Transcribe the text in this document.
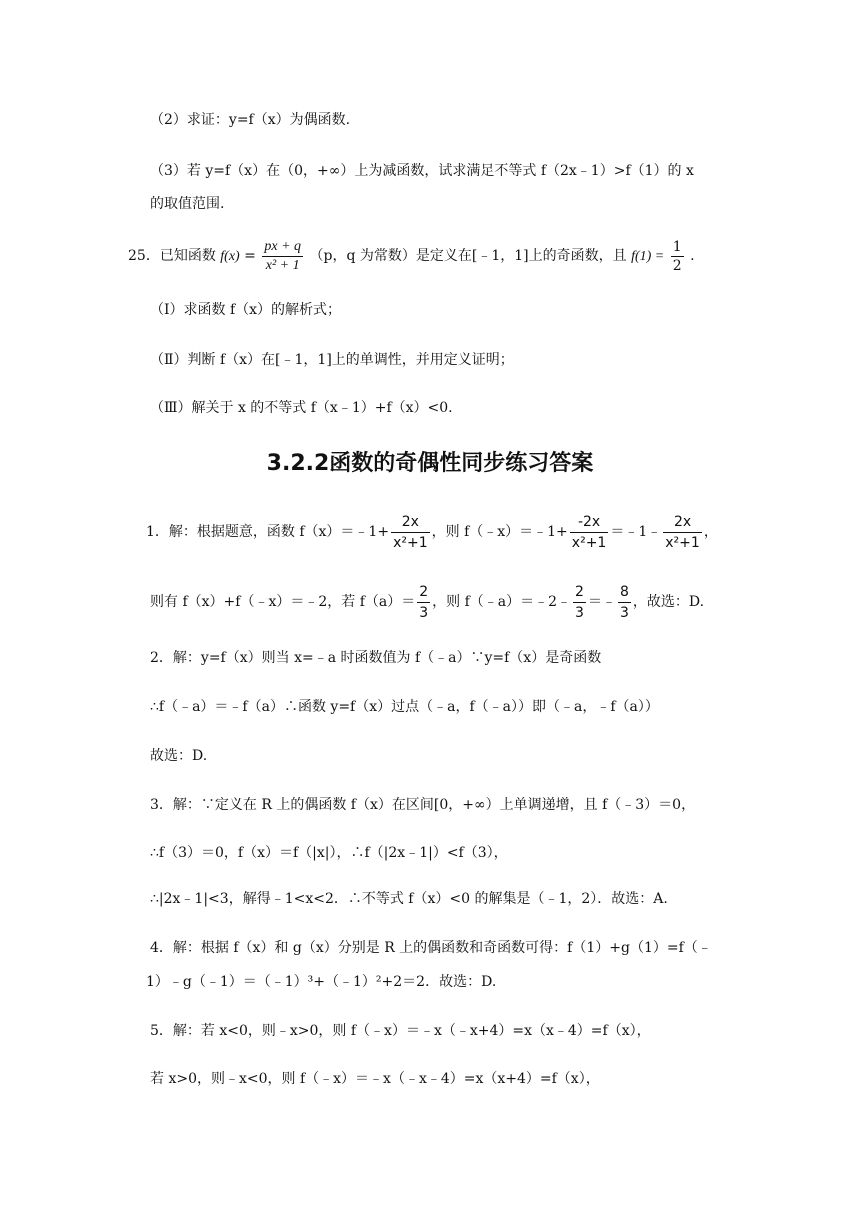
（2）求证：y=f（x）为偶函数.
（3）若 y=f（x）在（0，+∞）上为减函数，试求满足不等式 f（2x﹣1）>f（1）的 x
的取值范围.
25．已知函数 $f(x) = \frac{px + q}{\text{x² + 1}} (p$，q 为常数）是定义在[﹣1，1]上的奇函数，且 $f(1) = \frac{1}{2}$ .
（Ⅰ）求函数 f（x）的解析式；
（Ⅱ）判断 f（x）在[﹣1，1]上的单调性，并用定义证明；
（Ⅲ）解关于 x 的不等式 f（x﹣1）+f（x）<0.
3.2.2函数的奇偶性同步练习答案
1．解：根据题意，函数 f（x）＝﹣1+ $\frac{2x}{\text{x²+1}}$ ，则 f（﹣x）＝﹣1+ $\frac{-2x}{\text{x²+1}}$ ＝﹣1﹣ $\frac{2x}{\text{x²+1}}$ ，
则有 f（x）+f（﹣x）＝﹣2，若 $f(a)= \frac{2}{3}$ ，则 f（﹣a）＝﹣2﹣ $\frac{2}{3}$ ＝﹣ $\frac{8}{3}$ ，故选：D.
2．解：y=f（x）则当 x=﹣a 时函数值为 f（﹣a）∵y=f（x）是奇函数
∴f（﹣a）＝﹣f（a）∴函数 y=f（x）过点（﹣a，f（﹣a））即（﹣a，﹣f（a））
故选：D.
3．解：∵定义在 R 上的偶函数 f（x）在区间[0，+∞）上单调递增，且 f（﹣3）＝0，
∴f（3）＝0，f（x）＝f（|x|），∴f（|2x﹣1|）<f（3），
∴|2x﹣1|<3，解得﹣1<x<2．∴不等式 f（x）<0 的解集是（﹣1，2）．故选：A.
4．解：根据 f（x）和 g（x）分别是 R 上的偶函数和奇函数可得：f（1）+g（1）=f（﹣
1）﹣g（﹣1）＝（﹣1）³+（﹣1）²+2＝2．故选：D.
5．解：若 x<0，则﹣x>0，则 f（﹣x）＝﹣x（﹣x+4）=x（x﹣4）=f（x），
若 x>0，则﹣x<0，则 f（﹣x）＝﹣x（﹣x﹣4）=x（x+4）=f（x），
